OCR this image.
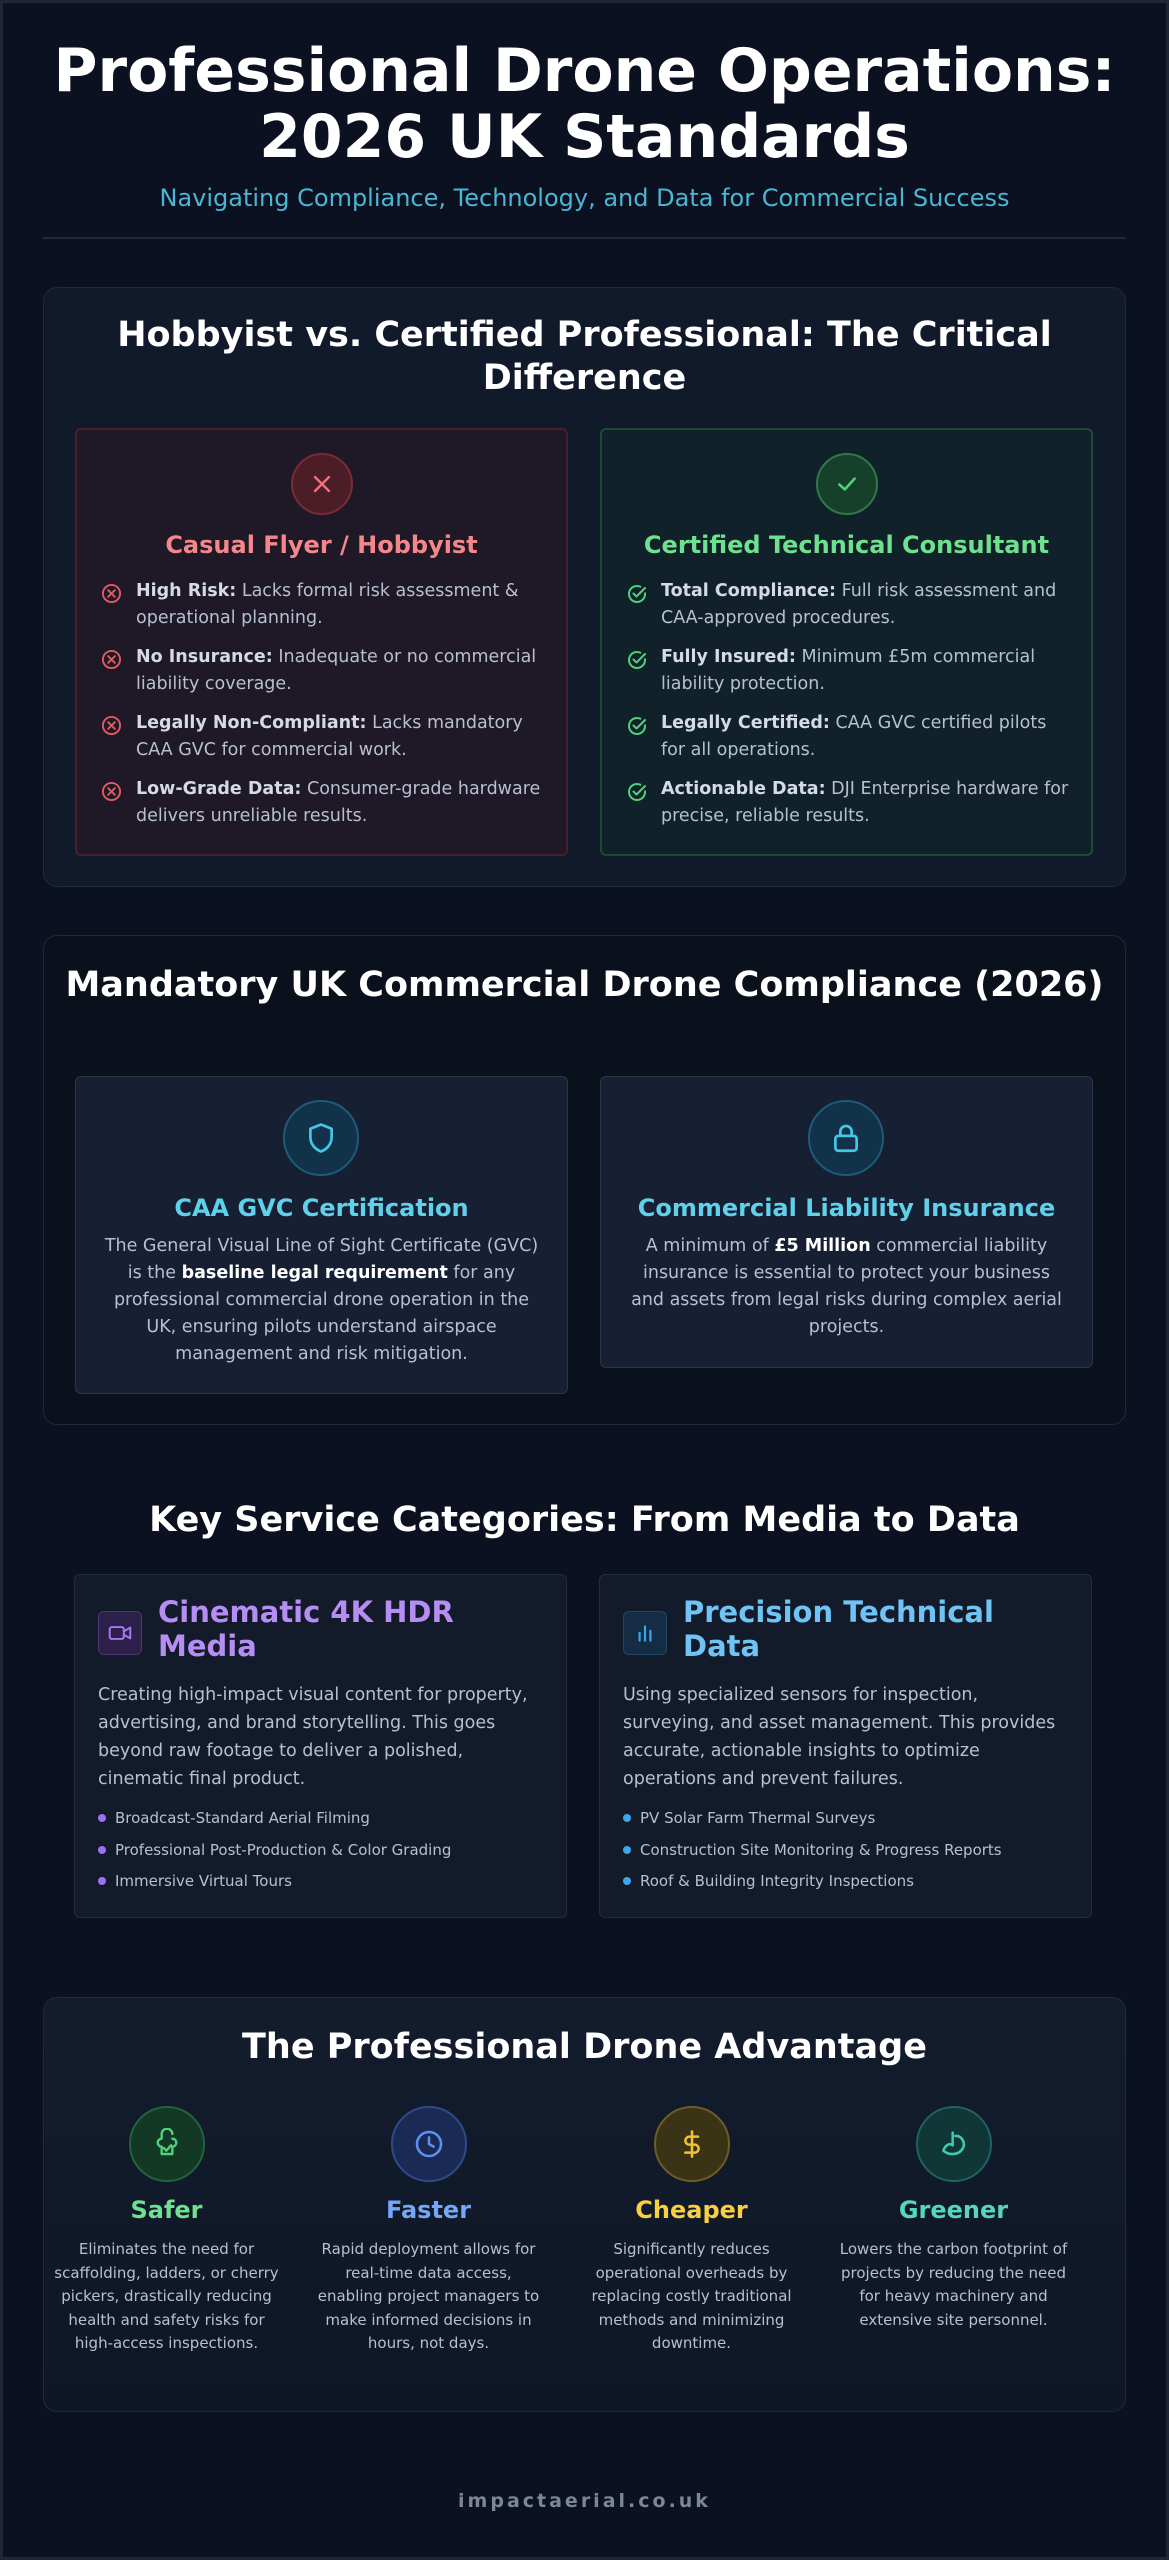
Professional Drone Operations:
2026 UK Standards
Navigating Compliance, Technology, and Data for Commercial Success
Hobbyist vs. Certified Professional: The Critical Difference
Casual Flyer / Hobbyist
High Risk: Lacks formal risk assessment & operational planning.
No Insurance: Inadequate or no commercial liability coverage.
Legally Non-Compliant: Lacks mandatory CAA GVC for commercial work.
Low-Grade Data: Consumer-grade hardware delivers unreliable results.
Certified Technical Consultant
Total Compliance: Full risk assessment and CAA-approved procedures.
Fully Insured: Minimum £5m commercial liability protection.
Legally Certified: CAA GVC certified pilots for all operations.
Actionable Data: DJI Enterprise hardware for precise, reliable results.
Mandatory UK Commercial Drone Compliance (2026)
CAA GVC Certification
The General Visual Line of Sight Certificate (GVC) is the baseline legal requirement for any professional commercial drone operation in the UK, ensuring pilots understand airspace management and risk mitigation.
Commercial Liability Insurance
A minimum of £5 Million commercial liability insurance is essential to protect your business and assets from legal risks during complex aerial projects.
Key Service Categories: From Media to Data
Cinematic 4K HDR Media

Creating high-impact visual content for property, advertising, and brand storytelling. This goes beyond raw footage to deliver a polished, cinematic final product.

Broadcast-Standard Aerial Filming
Professional Post-Production & Color Grading
Immersive Virtual Tours
Precision Technical Data

Using specialized sensors for inspection, surveying, and asset management. This provides accurate, actionable insights to optimize operations and prevent failures.

PV Solar Farm Thermal Surveys
Construction Site Monitoring & Progress Reports
Roof & Building Integrity Inspections
The Professional Drone Advantage
Safer

Eliminates the need for scaffolding, ladders, or cherry pickers, drastically reducing health and safety risks for high-access inspections.

Faster

Rapid deployment allows for real-time data access, enabling project managers to make informed decisions in hours, not days.

Cheaper

Significantly reduces operational overheads by replacing costly traditional methods and minimizing downtime.

Greener

Lowers the carbon footprint of projects by reducing the need for heavy machinery and extensive site personnel.

impactaerial.co.uk
